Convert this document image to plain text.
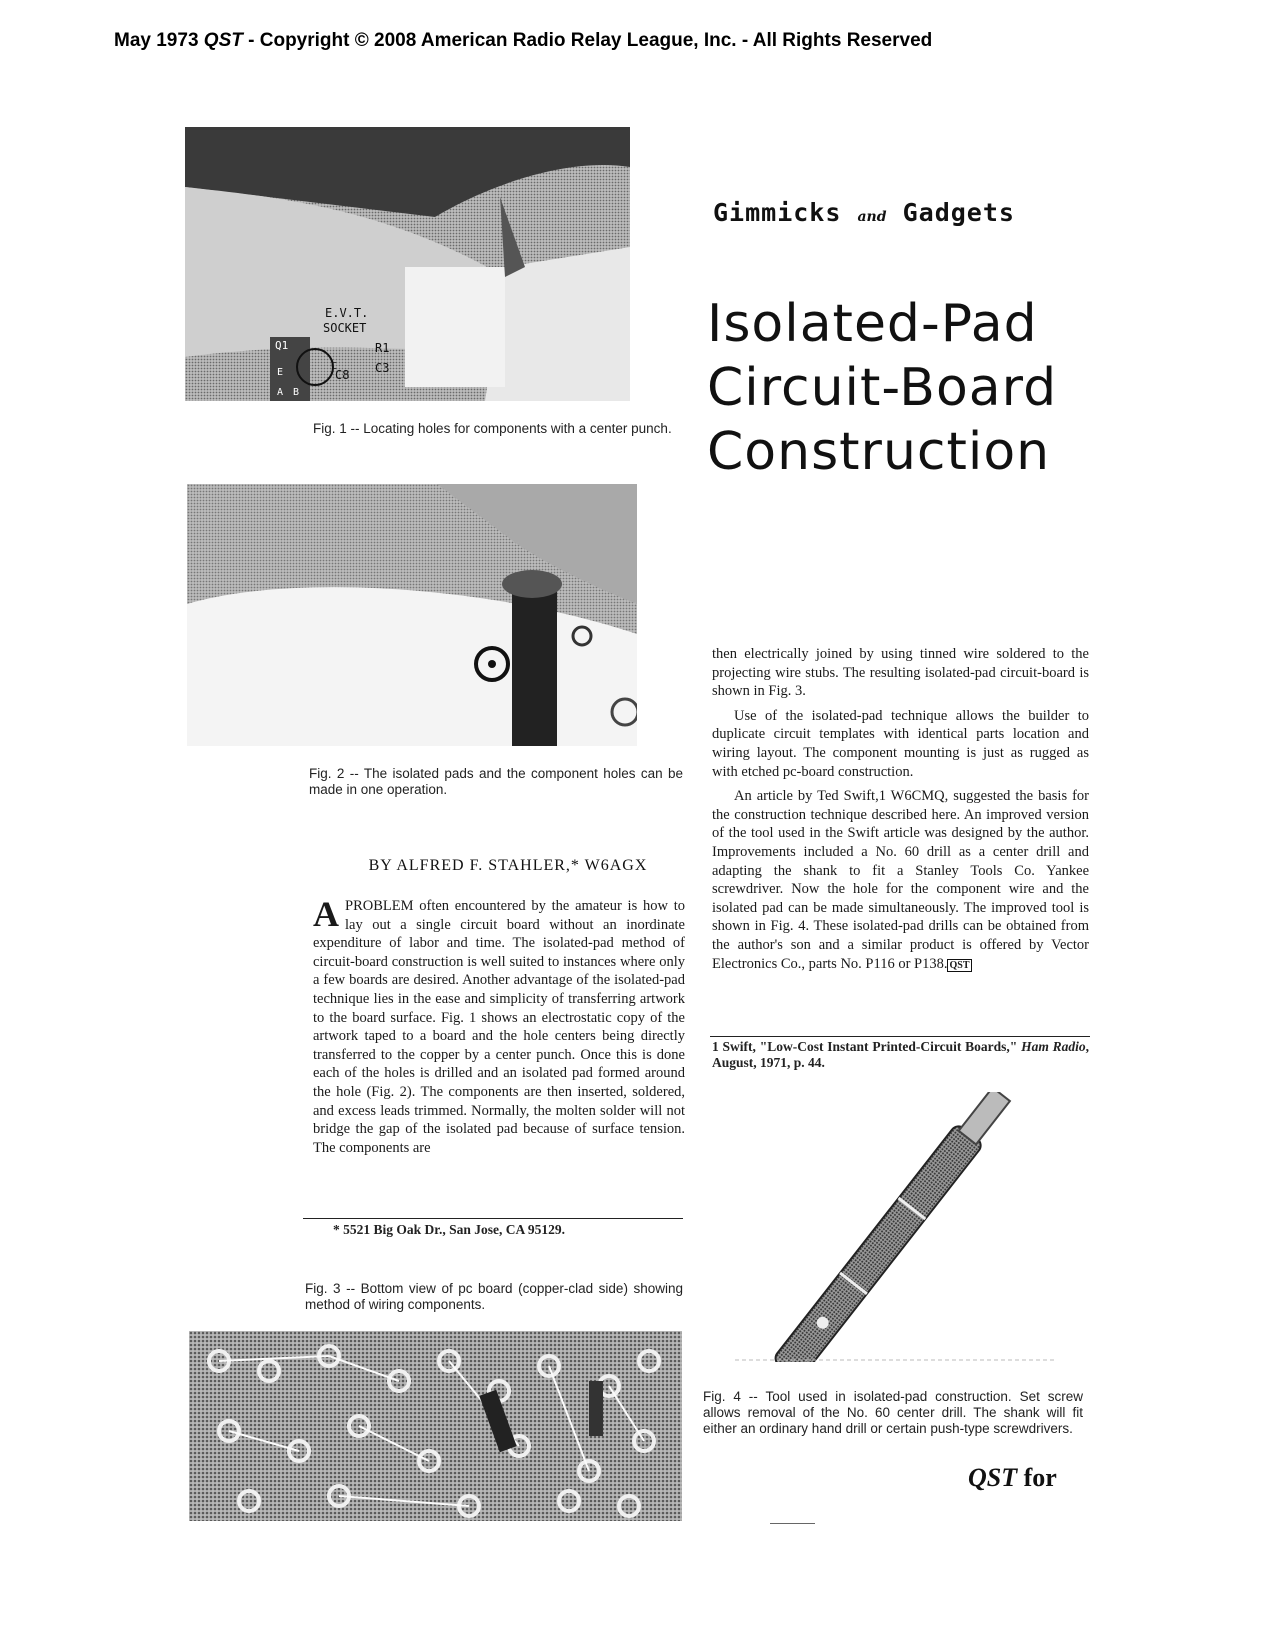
May 1973 QST - Copyright © 2008 American Radio Relay League, Inc. - All Rights Reserved
E.V.T.
SOCKET
R1
C8 C3
Q1
E
C
A B
Fig. 1 -- Locating holes for components with a center punch.
Gimmicks and Gadgets
Isolated-Pad
Circuit-Board
Construction
Fig. 2 -- The isolated pads and the component holes can be made in one operation.
BY ALFRED F. STAHLER,* W6AGX

A PROBLEM often encountered by the amateur is how to lay out a single circuit board without an inordinate expenditure of labor and time. The isolated-pad method of circuit-board construction is well suited to instances where only a few boards are desired. Another advantage of the isolated-pad technique lies in the ease and simplicity of transferring artwork to the board surface. Fig. 1 shows an electrostatic copy of the artwork taped to a board and the hole centers being directly transferred to the copper by a center punch. Once this is done each of the holes is drilled and an isolated pad formed around the hole (Fig. 2). The components are then inserted, soldered, and excess leads trimmed. Normally, the molten solder will not bridge the gap of the isolated pad because of surface tension. The components are

* 5521 Big Oak Dr., San Jose, CA 95129.
Fig. 3 -- Bottom view of pc board (copper-clad side) showing method of wiring components.

then electrically joined by using tinned wire soldered to the projecting wire stubs. The resulting isolated-pad circuit-board is shown in Fig. 3.

Use of the isolated-pad technique allows the builder to duplicate circuit templates with identical parts location and wiring layout. The component mounting is just as rugged as with etched pc-board construction.

An article by Ted Swift,1 W6CMQ, suggested the basis for the construction technique described here. An improved version of the tool used in the Swift article was designed by the author. Improvements included a No. 60 drill as a center drill and adapting the shank to fit a Stanley Tools Co. Yankee screwdriver. Now the hole for the component wire and the isolated pad can be made simultaneously. The improved tool is shown in Fig. 4. These isolated-pad drills can be obtained from the author's son and a similar product is offered by Vector Electronics Co., parts No. P116 or P138. QST

1 Swift, "Low-Cost Instant Printed-Circuit Boards," Ham Radio, August, 1971, p. 44.
Fig. 4 -- Tool used in isolated-pad construction. Set screw allows removal of the No. 60 center drill. The shank will fit either an ordinary hand drill or certain push-type screwdrivers.
QST for
